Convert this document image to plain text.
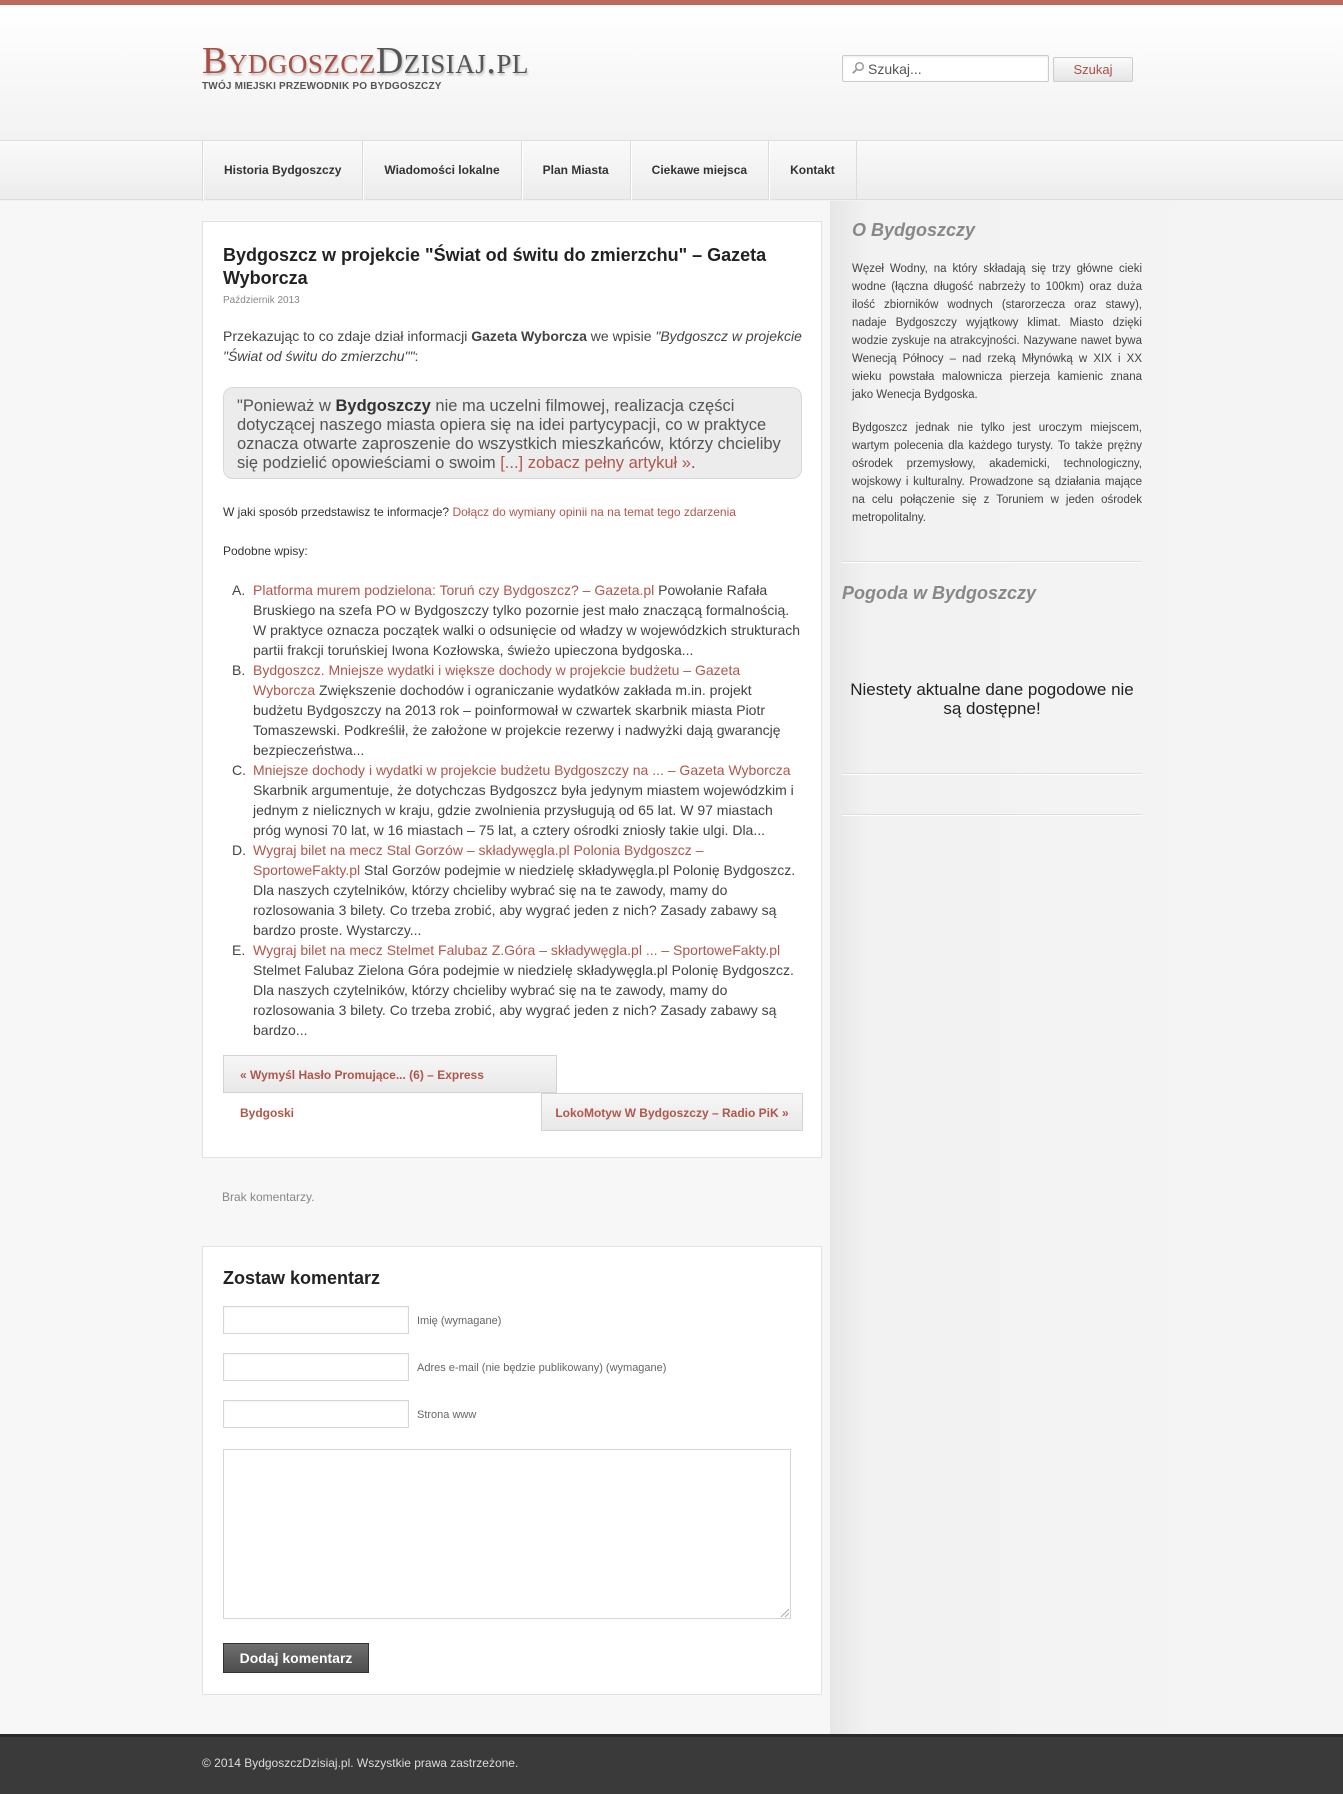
BydgoszczDzisiaj.pl
TWÓJ MIEJSKI PRZEWODNIK PO BYDGOSZCZY
Szukaj...
Szukaj
Historia Bydgoszczy	Wiadomości lokalne	Plan Miasta	Ciekawe miejsca	Kontakt
Bydgoszcz w projekcie "Świat od świtu do zmierzchu" – Gazeta Wyborcza
Październik 2013

Przekazując to co zdaje dział informacji Gazeta Wyborcza we wpisie "Bydgoszcz w projekcie "Świat od świtu do zmierzchu"":

"Ponieważ w Bydgoszczy nie ma uczelni filmowej, realizacja części dotyczącej naszego miasta opiera się na idei partycypacji, co w praktyce oznacza otwarte zaproszenie do wszystkich mieszkańców, którzy chcieliby się podzielić opowieściami o swoim [...] zobacz pełny artykuł ».

W jaki sposób przedstawisz te informacje? Dołącz do wymiany opinii na na temat tego zdarzenia

Podobne wpisy:

A. Platforma murem podzielona: Toruń czy Bydgoszcz? – Gazeta.pl Powołanie Rafała Bruskiego na szefa PO w Bydgoszczy tylko pozornie jest mało znaczącą formalnością. W praktyce oznacza początek walki o odsunięcie od władzy w wojewódzkich strukturach partii frakcji toruńskiej Iwona Kozłowska, świeżo upieczona bydgoska...
B. Bydgoszcz. Mniejsze wydatki i większe dochody w projekcie budżetu – Gazeta Wyborcza Zwiększenie dochodów i ograniczanie wydatków zakłada m.in. projekt budżetu Bydgoszczy na 2013 rok – poinformował w czwartek skarbnik miasta Piotr Tomaszewski. Podkreślił, że założone w projekcie rezerwy i nadwyżki dają gwarancję bezpieczeństwa...
C. Mniejsze dochody i wydatki w projekcie budżetu Bydgoszczy na ... – Gazeta Wyborcza Skarbnik argumentuje, że dotychczas Bydgoszcz była jedynym miastem wojewódzkim i jednym z nielicznych w kraju, gdzie zwolnienia przysługują od 65 lat. W 97 miastach próg wynosi 70 lat, w 16 miastach – 75 lat, a cztery ośrodki zniosły takie ulgi. Dla...
D. Wygraj bilet na mecz Stal Gorzów – składywęgla.pl Polonia Bydgoszcz – SportoweFakty.pl Stal Gorzów podejmie w niedzielę składywęgla.pl Polonię Bydgoszcz. Dla naszych czytelników, którzy chcieliby wybrać się na te zawody, mamy do rozlosowania 3 bilety. Co trzeba zrobić, aby wygrać jeden z nich? Zasady zabawy są bardzo proste. Wystarczy...
E. Wygraj bilet na mecz Stelmet Falubaz Z.Góra – składywęgla.pl ... – SportoweFakty.pl Stelmet Falubaz Zielona Góra podejmie w niedzielę składywęgla.pl Polonię Bydgoszcz. Dla naszych czytelników, którzy chcieliby wybrać się na te zawody, mamy do rozlosowania 3 bilety. Co trzeba zrobić, aby wygrać jeden z nich? Zasady zabawy są bardzo...
« Wymyśl Hasło Promujące... (6) – Express Bydgoski	LokoMotyw W Bydgoszczy – Radio PiK »
Brak komentarzy.
Zostaw komentarz
Imię (wymagane)
Adres e-mail (nie będzie publikowany) (wymagane)
Strona www
Dodaj komentarz
O Bydgoszczy

Węzeł Wodny, na który składają się trzy główne cieki wodne (łączna długość nabrzeży to 100km) oraz duża ilość zbiorników wodnych (starorzecza oraz stawy), nadaje Bydgoszczy wyjątkowy klimat. Miasto dzięki wodzie zyskuje na atrakcyjności. Nazywane nawet bywa Wenecją Północy – nad rzeką Młynówką w XIX i XX wieku powstała malownicza pierzeja kamienic znana jako Wenecja Bydgoska.

Bydgoszcz jednak nie tylko jest uroczym miejscem, wartym polecenia dla każdego turysty. To także prężny ośrodek przemysłowy, akademicki, technologiczny, wojskowy i kulturalny. Prowadzone są działania mające na celu połączenie się z Toruniem w jeden ośrodek metropolitalny.

Pogoda w Bydgoszczy

Niestety aktualne dane pogodowe nie są dostępne!

© 2014 BydgoszczDzisiaj.pl. Wszystkie prawa zastrzeżone.
